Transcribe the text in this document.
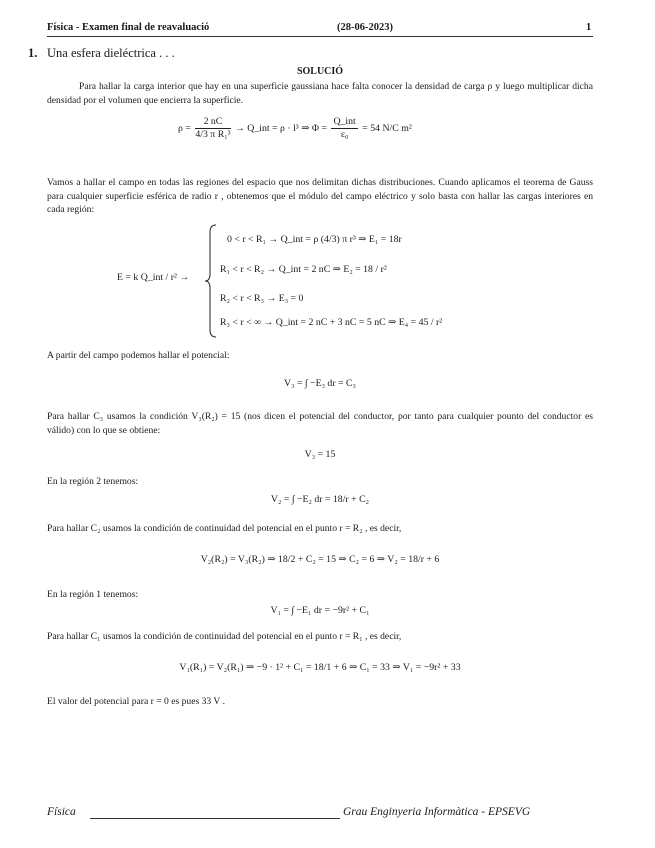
Física - Examen final de reavaluació	(28-06-2023)	1
1. Una esfera dieléctrica . . .
SOLUCIÓ
Para hallar la carga interior que hay en una superficie gaussiana hace falta conocer la densidad de carga ρ y luego multiplicar dicha densidad por el volumen que encierra la superficie.
$\rho = \frac{2 nC}{\text{4/3 π R₁³}}$ → Q_int = ρ · l³ ⇒ $\Phi = \frac{\text{Q\_int}}{\text{ε₀}} = 54$ N/C m²
Vamos a hallar el campo en todas las regiones del espacio que nos delimitan dichas distribuciones. Cuando aplicamos el teorema de Gauss para cualquier superficie esférica de radio r , obtenemos que el módulo del campo eléctrico y solo basta con hallar las cargas interiores en cada región:
E = k Q_int / r² →
0 < r < R₁ → Q_int = ρ (4/3) π r³ ⇒ E₁ = 18r
R₁ < r < R₂ → Q_int = 2 nC ⇒ E₂ = 18 / r²
R₂ < r < R₃ → E₃ = 0
R₃ < r < ∞ → Q_int = 2 nC + 3 nC = 5 nC ⇒ E₄ = 45 / r²
A partir del campo podemos hallar el potencial:
V₃ = ∫ −E₃ dr = C₃
Para hallar C₃ usamos la condición V₃(R₂) = 15 (nos dicen el potencial del conductor, por tanto para cualquier pounto del conductor es válido) con lo que se obtiene:
V₃ = 15
En la región 2 tenemos:
V₂ = ∫ −E₂ dr = 18/r + C₂
Para hallar C₂ usamos la condición de continuidad del potencial en el punto r = R₂ , es decir,
V₂(R₂) = V₃(R₂) ⇒ 18/2 + C₂ = 15 ⇒ C₂ = 6 ⇒ V₂ = 18/r + 6
En la región 1 tenemos:
V₁ = ∫ −E₁ dr = −9r² + C₁
Para hallar C₁ usamos la condición de continuidad del potencial en el punto r = R₁ , es decir,
V₁(R₁) = V₂(R₁) ⇒ −9 · 1² + C₁ = 18/1 + 6 ⇒ C₁ = 33 ⇒ V₁ = −9r² + 33
El valor del potencial para r = 0 es pues 33 V .
Física	Grau Enginyeria Informàtica - EPSEVG
